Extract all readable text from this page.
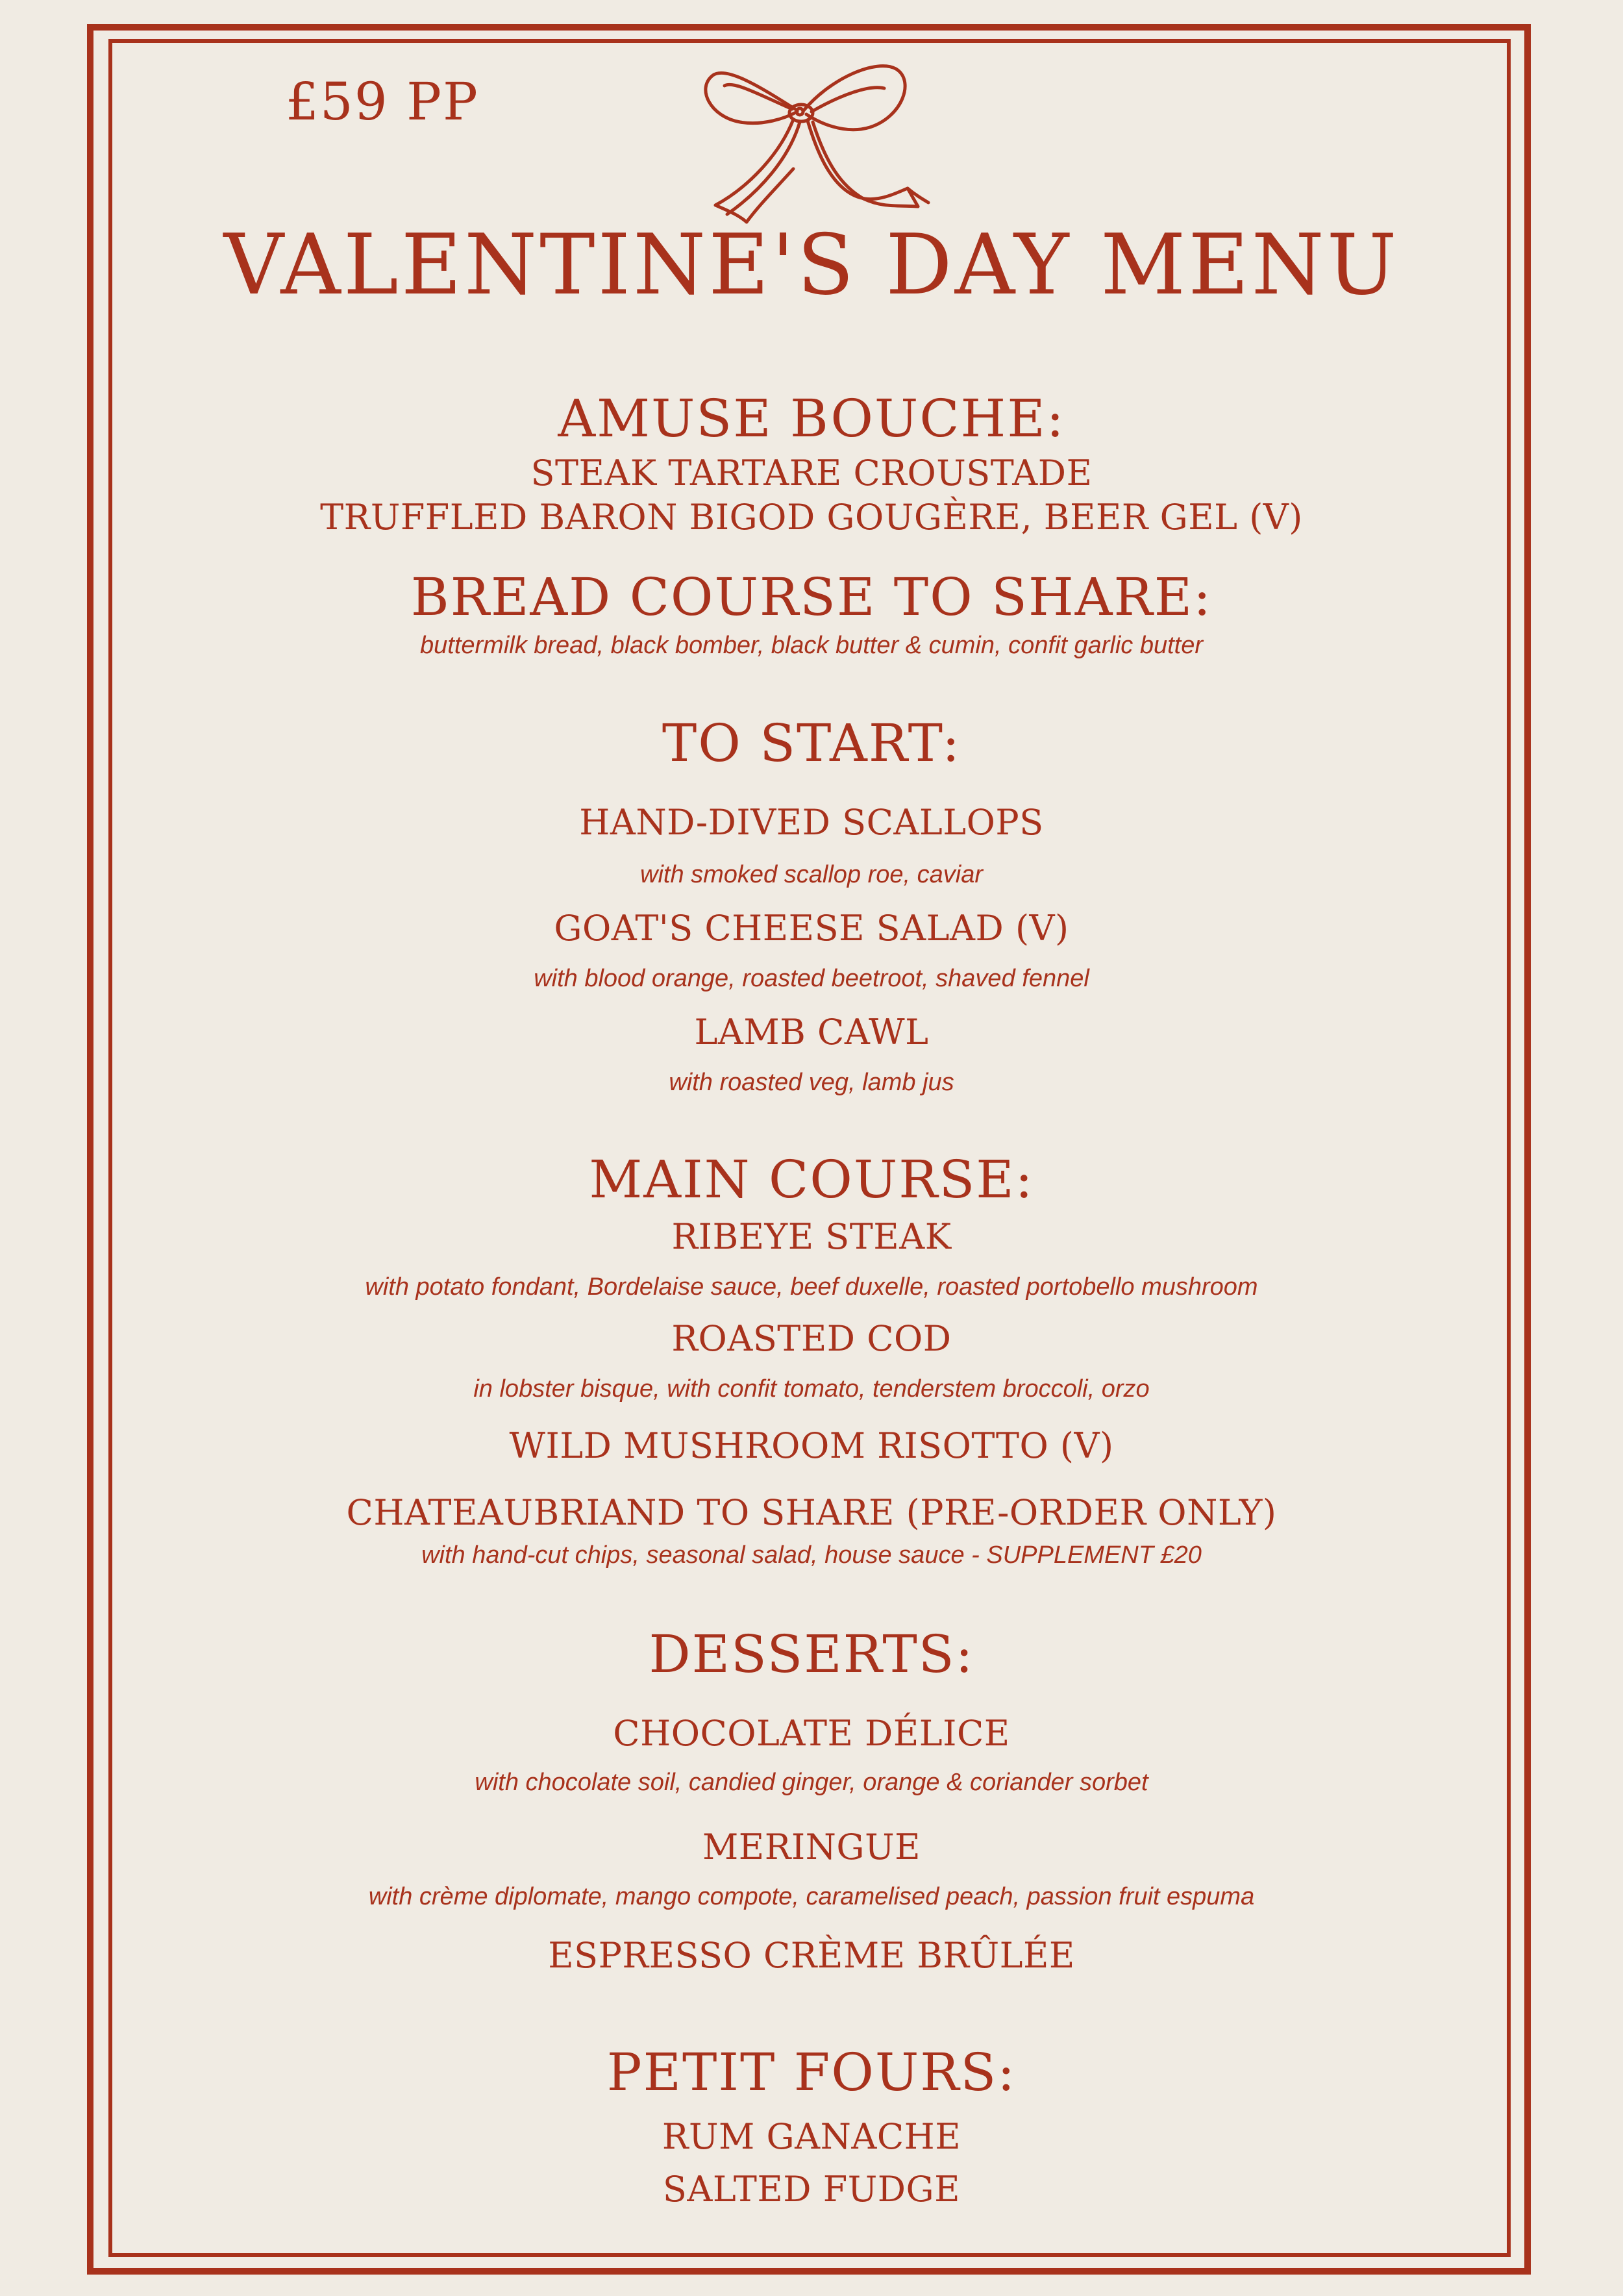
£59 PP
VALENTINE'S DAY MENU
AMUSE BOUCHE:
STEAK TARTARE CROUSTADE
TRUFFLED BARON BIGOD GOUGÈRE, BEER GEL (V)
BREAD COURSE TO SHARE:
buttermilk bread, black bomber, black butter & cumin, confit garlic butter
TO START:
HAND-DIVED SCALLOPS
with smoked scallop roe, caviar
GOAT'S CHEESE SALAD (V)
with blood orange, roasted beetroot, shaved fennel
LAMB CAWL
with roasted veg, lamb jus
MAIN COURSE:
RIBEYE STEAK
with potato fondant, Bordelaise sauce, beef duxelle, roasted portobello mushroom
ROASTED COD
in lobster bisque, with confit tomato, tenderstem broccoli, orzo
WILD MUSHROOM RISOTTO (V)
CHATEAUBRIAND TO SHARE (PRE-ORDER ONLY)
with hand-cut chips, seasonal salad, house sauce - SUPPLEMENT £20
DESSERTS:
CHOCOLATE DÉLICE
with chocolate soil, candied ginger, orange & coriander sorbet
MERINGUE
with crème diplomate, mango compote, caramelised peach, passion fruit espuma
ESPRESSO CRÈME BRÛLÉE
PETIT FOURS:
RUM GANACHE
SALTED FUDGE
